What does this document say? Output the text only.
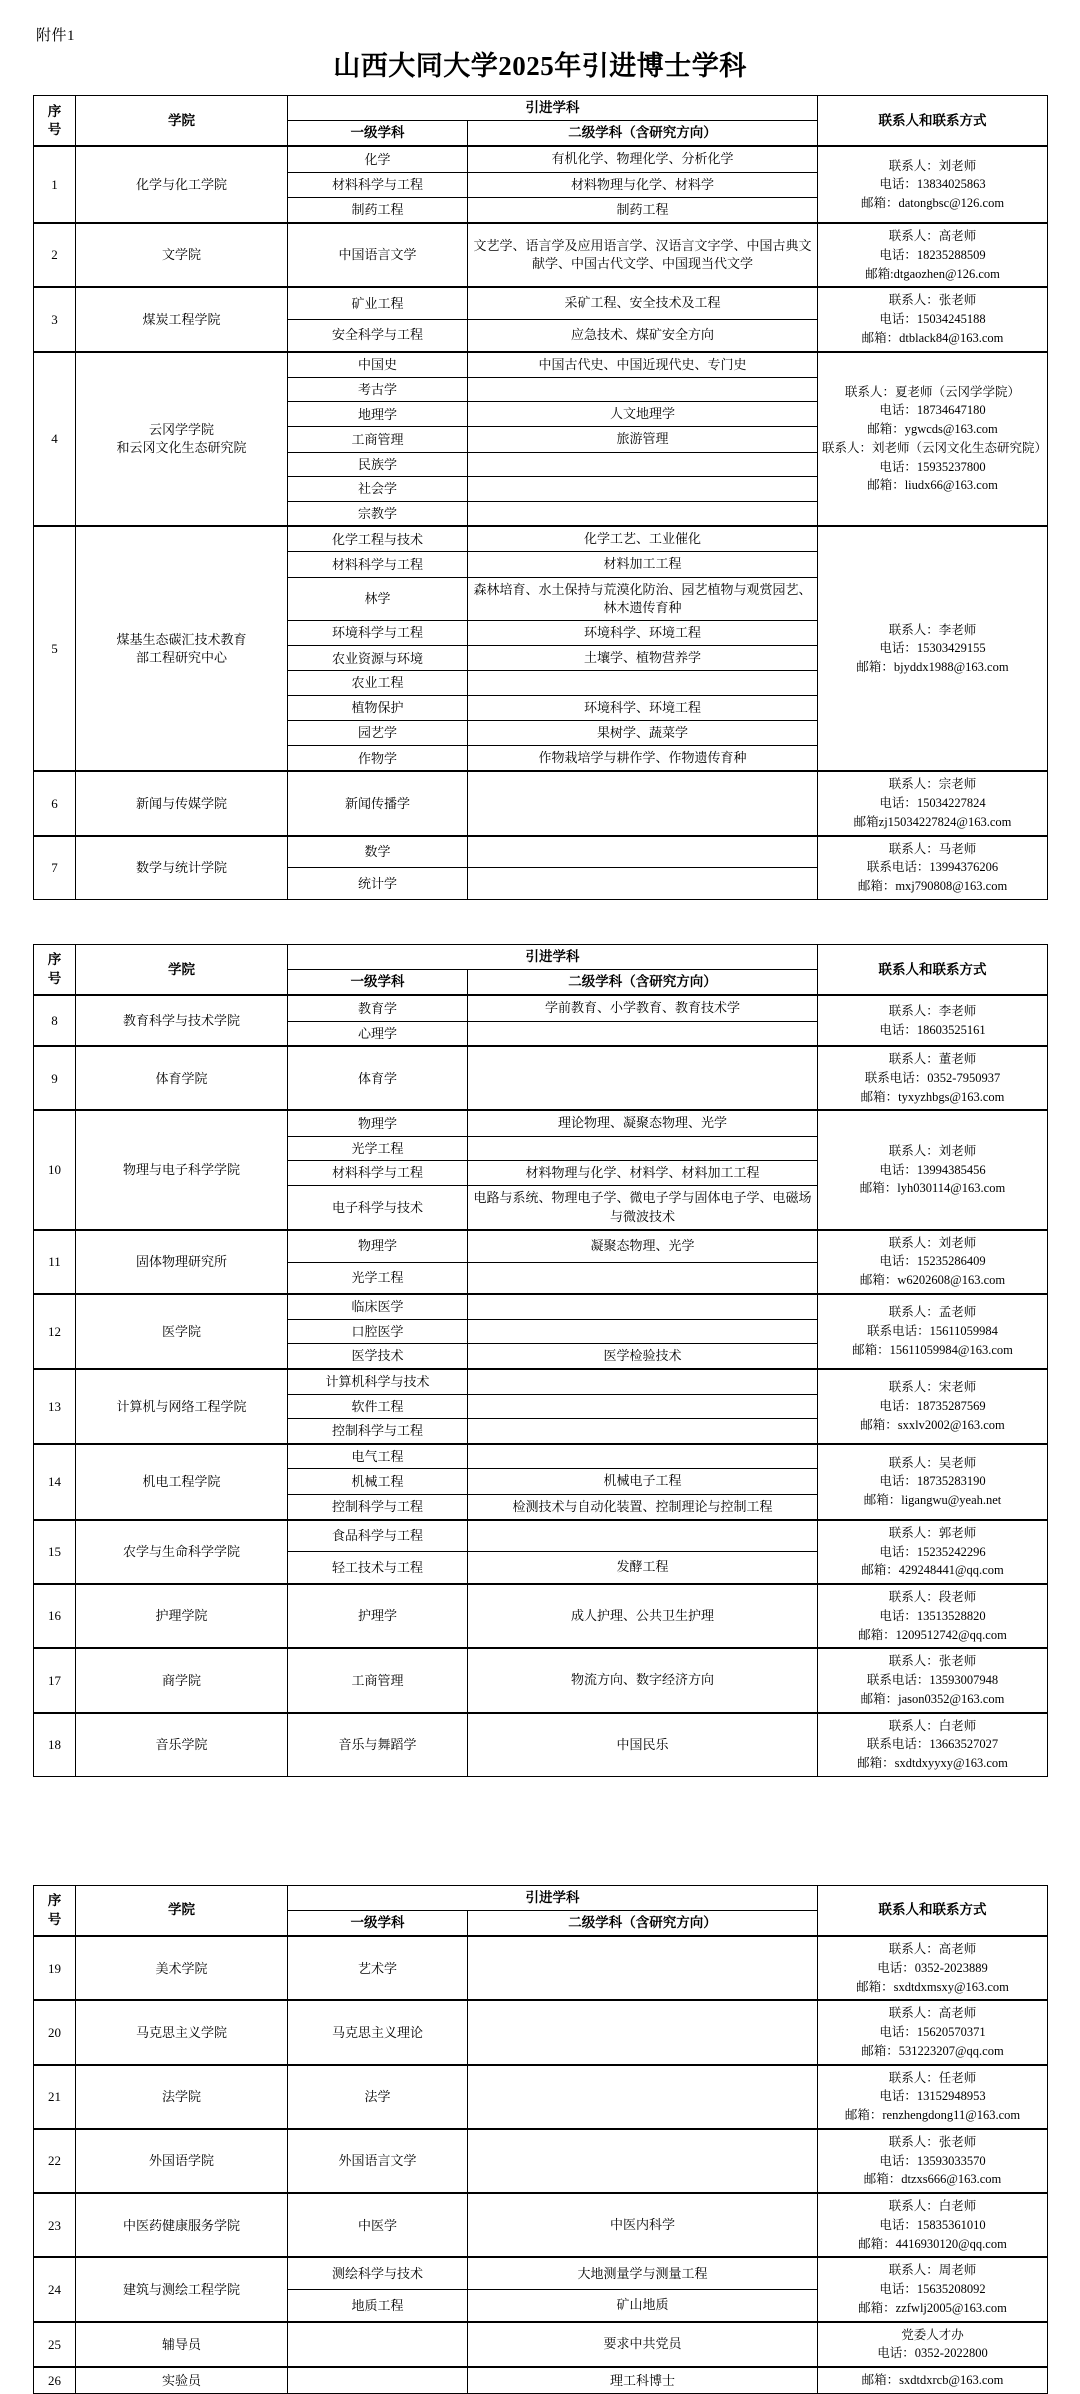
附件1
山西大同大学2025年引进博士学科
序
号	学院	引进学科		联系人和联系方式
		一级学科	二级学科（含研究方向）	
1	化学与化工学院	化学	有机化学、物理化学、分析化学	联系人：刘老师
电话：13834025863
邮箱：datongbsc@126.com

		材料科学与工程	材料物理与化学、材料学	
		制药工程	制药工程	
2	文学院	中国语言文学	文艺学、语言学及应用语言学、汉语言文字学、中国古典文献学、中国古代文学、中国现当代文学	联系人：高老师
电话：18235288509
邮箱:dtgaozhen@126.com

3	煤炭工程学院	矿业工程	采矿工程、安全技术及工程	联系人：张老师
电话：15034245188
邮箱：dtblack84@163.com

		安全科学与工程	应急技术、煤矿安全方向	
4	云冈学学院
和云冈文化生态研究院	中国史	中国古代史、中国近现代史、专门史	
联系人：夏老师（云冈学学院）
电话：18734647180
邮箱：ygwcds@163.com
联系人：刘老师（云冈文化生态研究院）
电话：15935237800
邮箱：liudx66@163.com

		考古学		
		地理学	人文地理学	
		工商管理	旅游管理	
		民族学		
		社会学		
		宗教学		
5	煤基生态碳汇技术教育
部工程研究中心	化学工程与技术	化学工艺、工业催化	联系人：李老师
电话：15303429155
邮箱：bjyddx1988@163.com

		材料科学与工程	材料加工工程	
		林学	森林培育、水土保持与荒漠化防治、园艺植物与观赏园艺、林木遗传育种	
		环境科学与工程	环境科学、环境工程	
		农业资源与环境	土壤学、植物营养学	
		农业工程		
		植物保护	环境科学、环境工程	
		园艺学	果树学、蔬菜学	
		作物学	作物栽培学与耕作学、作物遗传育种	
6	新闻与传媒学院	新闻传播学		联系人：宗老师
电话：15034227824
邮箱zj15034227824@163.com

7	数学与统计学院	数学		联系人：马老师
联系电话：13994376206
邮箱：mxj790808@163.com

		统计学		
序
号	学院	引进学科		联系人和联系方式
		一级学科	二级学科（含研究方向）	
8	教育科学与技术学院	教育学	学前教育、小学教育、教育技术学	联系人：李老师
电话：18603525161

		心理学		
9	体育学院	体育学		联系人：董老师
联系电话：0352-7950937
邮箱：tyxyzhbgs@163.com

10	物理与电子科学学院	物理学	理论物理、凝聚态物理、光学	联系人：刘老师
电话：13994385456
邮箱：lyh030114@163.com

		光学工程		
		材料科学与工程	材料物理与化学、材料学、材料加工工程	
		电子科学与技术	电路与系统、物理电子学、微电子学与固体电子学、电磁场与微波技术	
11	固体物理研究所	物理学	凝聚态物理、光学	联系人：刘老师
电话：15235286409
邮箱：w6202608@163.com

		光学工程		
12	医学院	临床医学		联系人：孟老师
联系电话：15611059984
邮箱：15611059984@163.com

		口腔医学		
		医学技术	医学检验技术	
13	计算机与网络工程学院	计算机科学与技术		联系人：宋老师
电话：18735287569
邮箱：sxxlv2002@163.com

		软件工程		
		控制科学与工程		
14	机电工程学院	电气工程		联系人：吴老师
电话：18735283190
邮箱：ligangwu@yeah.net

		机械工程	机械电子工程	
		控制科学与工程	检测技术与自动化装置、控制理论与控制工程	
15	农学与生命科学学院	食品科学与工程		联系人：郭老师
电话：15235242296
邮箱：429248441@qq.com

		轻工技术与工程	发酵工程	
16	护理学院	护理学	成人护理、公共卫生护理	联系人：段老师
电话：13513528820
邮箱：1209512742@qq.com

17	商学院	工商管理	物流方向、数字经济方向	联系人：张老师
联系电话：13593007948
邮箱：jason0352@163.com

18	音乐学院	音乐与舞蹈学	中国民乐	联系人：白老师
联系电话：13663527027
邮箱：sxdtdxyyxy@163.com
序
号	学院	引进学科		联系人和联系方式
		一级学科	二级学科（含研究方向）	
19	美术学院	艺术学		联系人：高老师
电话：0352-2023889
邮箱：sxdtdxmsxy@163.com

20	马克思主义学院	马克思主义理论		联系人：高老师
电话：15620570371
邮箱：531223207@qq.com

21	法学院	法学		联系人：任老师
电话：13152948953
邮箱：renzhengdong11@163.com

22	外国语学院	外国语言文学		联系人：张老师
电话：13593033570
邮箱：dtzxs666@163.com

23	中医药健康服务学院	中医学	中医内科学	联系人：白老师
电话：15835361010
邮箱：4416930120@qq.com

24	建筑与测绘工程学院	测绘科学与技术	大地测量学与测量工程	联系人：周老师
电话：15635208092
邮箱：zzfwlj2005@163.com

		地质工程	矿山地质	
25	辅导员		要求中共党员	党委人才办
电话：0352-2022800

26	实验员		理工科博士	邮箱：sxdtdxrcb@163.com
